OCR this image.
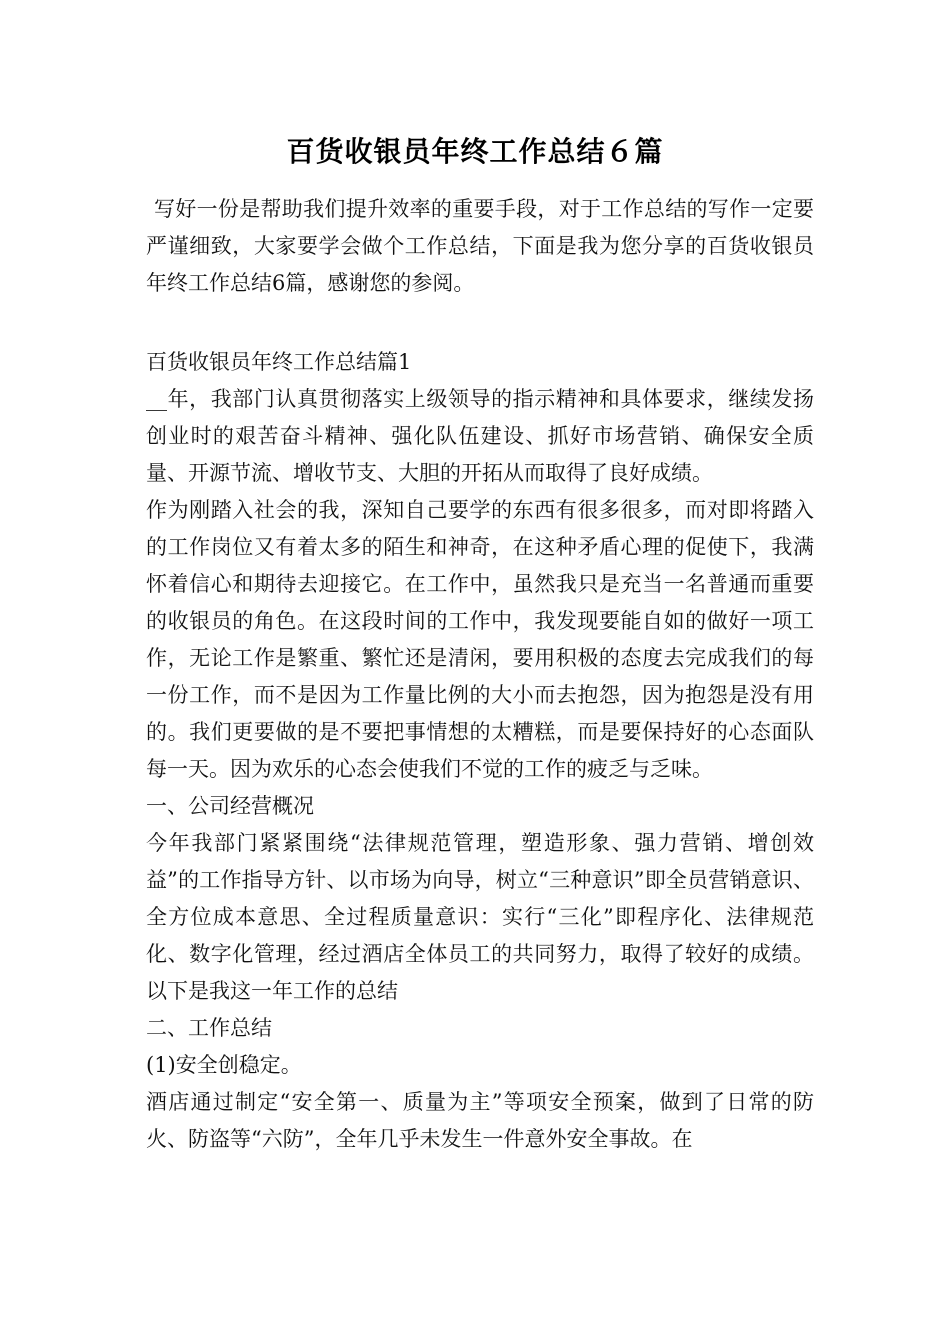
百货收银员年终工作总结６篇

写好一份是帮助我们提升效率的重要手段，对于工作总结的写作一定要严谨细致，大家要学会做个工作总结，下面是我为您分享的百货收银员年终工作总结6篇，感谢您的参阅。

百货收银员年终工作总结篇1

__年，我部门认真贯彻落实上级领导的指示精神和具体要求，继续发扬创业时的艰苦奋斗精神、强化队伍建设、抓好市场营销、确保安全质量、开源节流、增收节支、大胆的开拓从而取得了良好成绩。

作为刚踏入社会的我，深知自己要学的东西有很多很多，而对即将踏入的工作岗位又有着太多的陌生和神奇，在这种矛盾心理的促使下，我满怀着信心和期待去迎接它。在工作中，虽然我只是充当一名普通而重要的收银员的角色。在这段时间的工作中，我发现要能自如的做好一项工作，无论工作是繁重、繁忙还是清闲，要用积极的态度去完成我们的每一份工作，而不是因为工作量比例的大小而去抱怨，因为抱怨是没有用的。我们更要做的是不要把事情想的太糟糕，而是要保持好的心态面队每一天。因为欢乐的心态会使我们不觉的工作的疲乏与乏味。

一、公司经营概况

今年我部门紧紧围绕“法律规范管理，塑造形象、强力营销、增创效益”的工作指导方针、以市场为向导，树立“三种意识”即全员营销意识、全方位成本意思、全过程质量意识：实行“三化”即程序化、法律规范化、数字化管理，经过酒店全体员工的共同努力，取得了较好的成绩。以下是我这一年工作的总结

二、工作总结

(1)安全创稳定。

酒店通过制定“安全第一、质量为主”等项安全预案，做到了日常的防火、防盗等“六防”，全年几乎未发生一件意外安全事故。在
